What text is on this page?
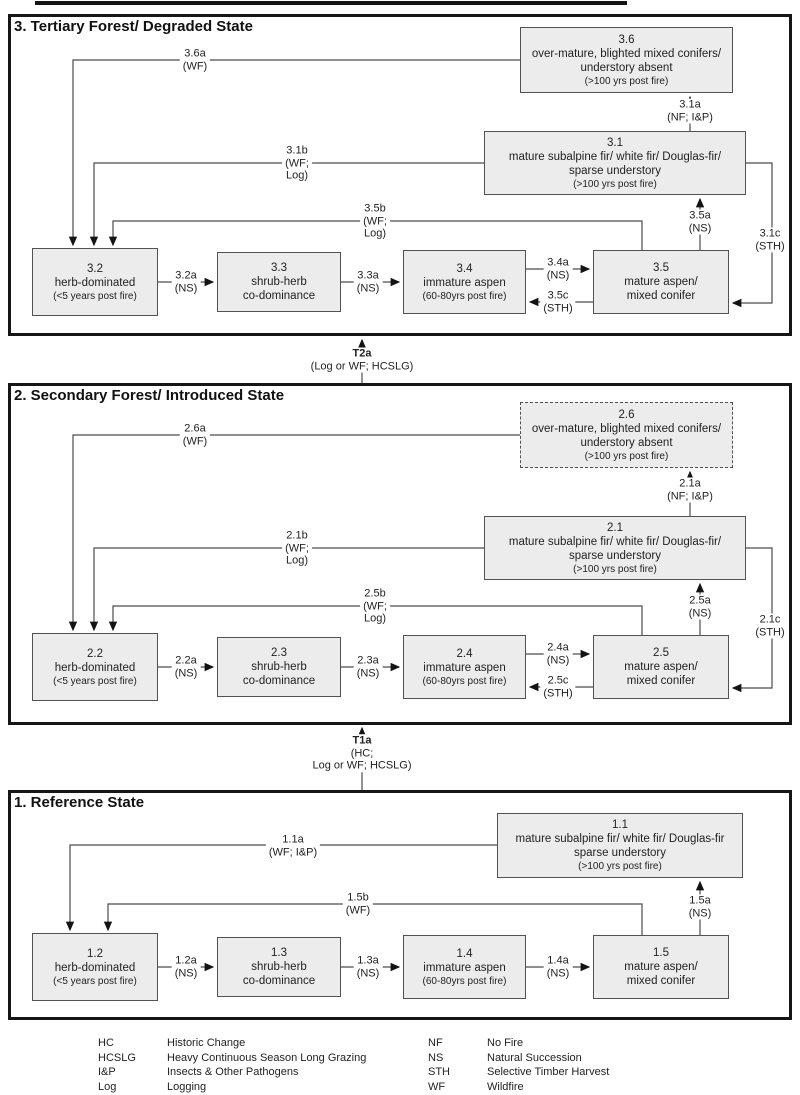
3. Tertiary Forest/ Degraded State
3.6
over-mature, blighted mixed conifers/
understory absent
(>100 yrs post fire)
3.1
mature subalpine fir/ white fir/ Douglas-fir/
sparse understory
(>100 yrs post fire)
3.2
herb-dominated
(<5 years post fire)
3.3
shrub-herb
co-dominance
3.4
immature aspen
(60-80yrs post fire)
3.5
mature aspen/
mixed conifer
3.6a
(WF)
3.1a
(NF; I&P)
3.1b
(WF;
Log)
3.5b
(WF;
Log)
3.5a
(NS)	3.1c
(STH)
3.2a
(NS)
3.3a
(NS)
3.4a
(NS)
3.5c
(STH)
T2a
(Log or WF; HCSLG)
2. Secondary Forest/ Introduced State
2.6
over-mature, blighted mixed conifers/
understory absent
(>100 yrs post fire)
2.1
mature subalpine fir/ white fir/ Douglas-fir/
sparse understory
(>100 yrs post fire)
2.2
herb-dominated
(<5 years post fire)
2.3
shrub-herb
co-dominance
2.4
immature aspen
(60-80yrs post fire)
2.5
mature aspen/
mixed conifer
2.6a
(WF)
2.1a
(NF; I&P)
2.1b
(WF;
Log)
2.5b
(WF;
Log)
2.5a
(NS)
2.1c
(STH)
2.2a
(NS)
2.3a
(NS)
2.4a
(NS)
2.5c
(STH)
T1a
(HC;
Log or WF; HCSLG)
1. Reference State
1.1
mature subalpine fir/ white fir/ Douglas-fir
sparse understory
(>100 yrs post fire)
1.2
herb-dominated
(<5 years post fire)
1.3
shrub-herb
co-dominance
1.4
immature aspen
(60-80yrs post fire)
1.5
mature aspen/
mixed conifer
1.1a
(WF; I&P)
1.5b
(WF)
1.5a
(NS)
1.2a
(NS)
1.3a
(NS)
1.4a
(NS)
HC	Historic Change
HCSLG	Heavy Continuous Season Long Grazing
I&P	Insects & Other Pathogens
Log	Logging
NF	No Fire
NS	Natural Succession
STH	Selective Timber Harvest
WF	Wildfire
